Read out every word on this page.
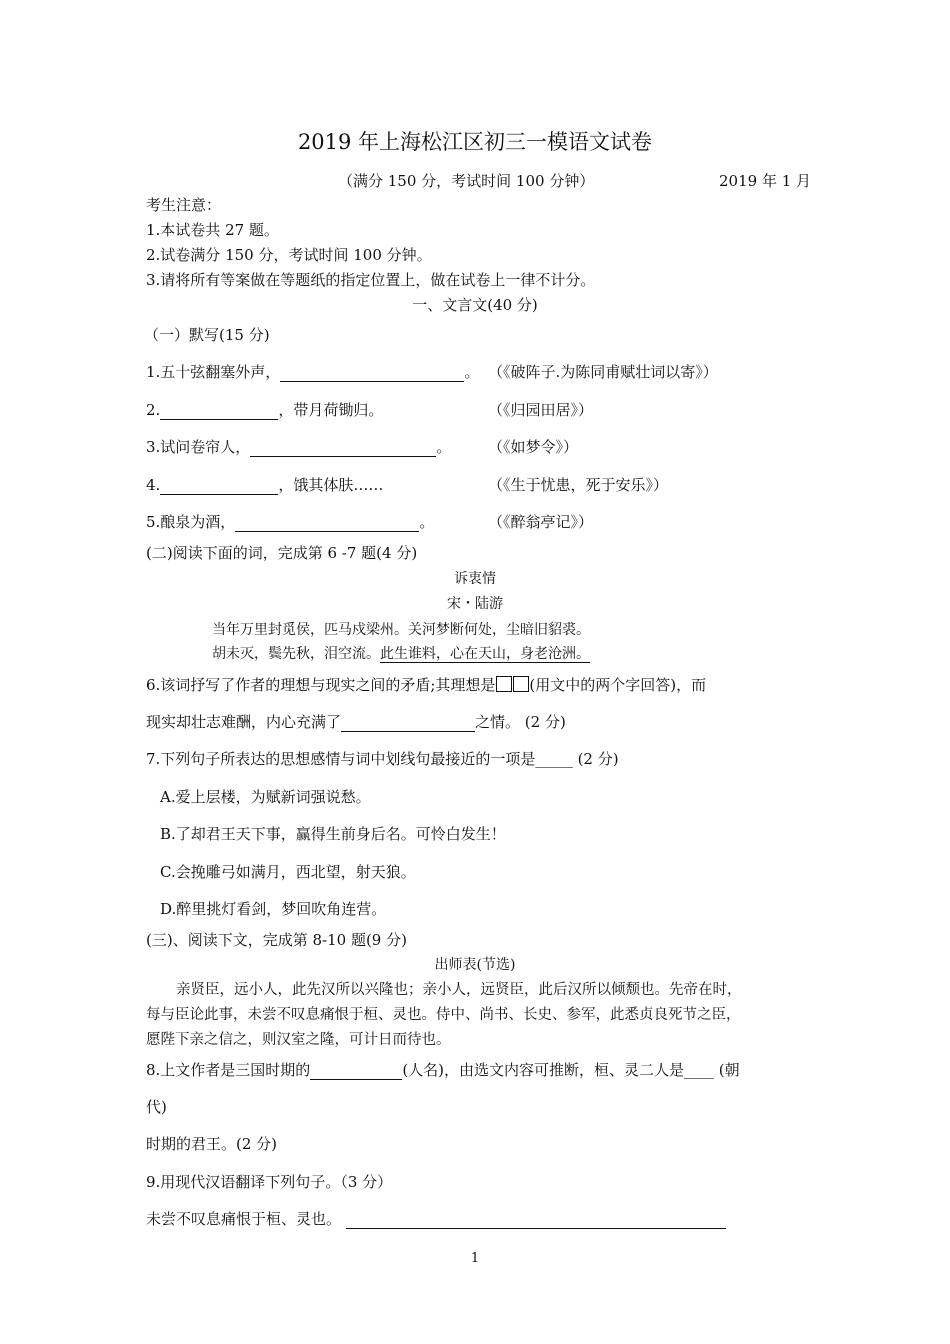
2019 年上海松江区初三一模语文试卷
（满分 150 分，考试时间 100 分钟）	2019 年 1 月
考生注意：
1.本试卷共 27 题。
2.试卷满分 150 分，考试时间 100 分钟。
3.请将所有等案做在等题纸的指定位置上，做在试卷上一律不计分。
一、文言文(40 分)
（一）默写(15 分)
1.五十弦翻塞外声，	。 （《破阵子.为陈同甫赋壮词以寄》）
2.	，带月荷锄归。	（《归园田居》）
3.试问卷帘人，	。 （《如梦令》）
4.	，饿其体肤……	（《生于忧患，死于安乐》）
5.酿泉为酒，	。	（《醉翁亭记》）
(二)阅读下面的词，完成第 6 -7 题(4 分)
诉衷情
宋・陆游
当年万里封觅侯，匹马戍梁州。关河梦断何处，尘暗旧貂裘。
胡未灭，鬓先秋，泪空流。此生谁料，心在天山，身老沧洲。
6.该词抒写了作者的理想与现实之间的矛盾;其理想是 (用文中的两个字回答)，而
现实却壮志难酬，内心充满了	之情。 (2 分)
7.下列句子所表达的思想感情与词中划线句最接近的一项是_____ (2 分)
A.爱上层楼，为赋新词强说愁。
B.了却君王天下事，赢得生前身后名。可怜白发生！
C.会挽雕弓如满月，西北望，射天狼。
D.醉里挑灯看剑，梦回吹角连营。
(三)、阅读下文，完成第 8-10 题(9 分)
出师表(节选)
亲贤臣，远小人，此先汉所以兴隆也；亲小人，远贤臣，此后汉所以倾颓也。先帝在时，
每与臣论此事，未尝不叹息痛恨于桓、灵也。侍中、尚书、长史、参军，此悉贞良死节之臣，
愿陛下亲之信之，则汉室之隆，可计日而待也。
8.上文作者是三国时期的	(人名)，由选文内容可推断，桓、灵二人是____ (朝
代)
时期的君王。(2 分)
9.用现代汉语翻译下列句子。（3 分）
未尝不叹息痛恨于桓、灵也。
1
